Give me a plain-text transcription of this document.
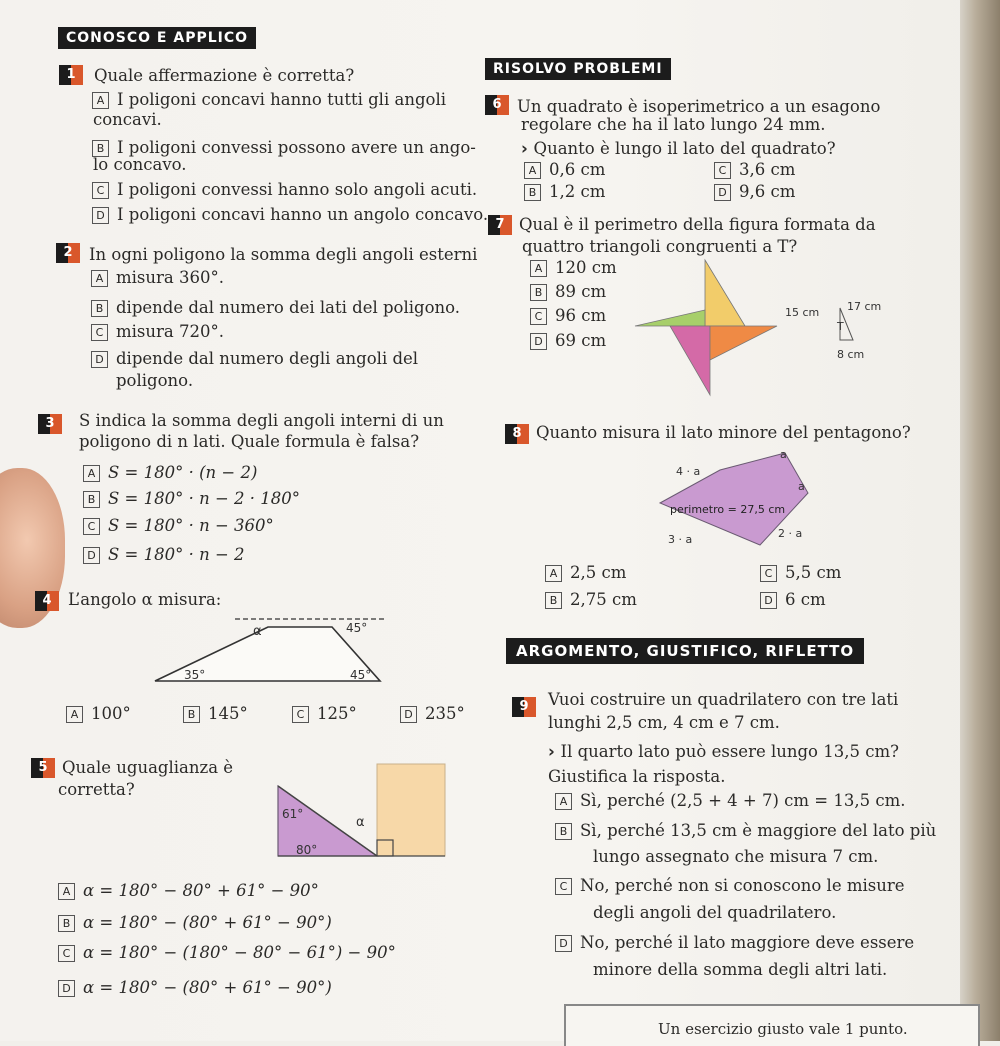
CONOSCO E APPLICO
RISOLVO PROBLEMI
ARGOMENTO, GIUSTIFICO, RIFLETTO
1	Quale affermazione è corretta?
A I poligoni concavi hanno tutti gli angoli
concavi.
B I poligoni convessi possono avere un ango-
lo concavo.
C I poligoni convessi hanno solo angoli acuti.
D I poligoni concavi hanno un angolo concavo.
2 In ogni poligono la somma degli angoli esterni
A misura 360°.
B dipende dal numero dei lati del poligono.
C misura 720°.
D dipende dal numero degli angoli del
poligono.
3	S indica la somma degli angoli interni di un
poligono di n lati. Quale formula è falsa?
A S = 180° · (n − 2)
B S = 180° · n − 2 · 180°
C S = 180° · n − 360°
D S = 180° · n − 2
4 L’angolo α misura:
α	45°
35°	45°
A 100°	B 145°	C 125°	D 235°
5 Quale uguaglianza è
corretta?
61°
80°
α
A α = 180° − 80° + 61° − 90°
B α = 180° − (80° + 61° − 90°)
C α = 180° − (180° − 80° − 61°) − 90°
D α = 180° − (80° + 61° − 90°)
6 Un quadrato è isoperimetrico a un esagono
regolare che ha il lato lungo 24 mm.
› Quanto è lungo il lato del quadrato?
A 0,6 cm
B 1,2 cm
C 3,6 cm
D 9,6 cm
7 Qual è il perimetro della figura formata da
quattro triangoli congruenti a T?
A 120 cm
B 89 cm
C 96 cm
D 69 cm
15 cm	17 cm
T
8 cm
8 Quanto misura il lato minore del pentagono?
a
a
4 · a
perimetro = 27,5 cm
3 · a	2 · a
A 2,5 cm
B 2,75 cm
C 5,5 cm
D 6 cm
9	Vuoi costruire un quadrilatero con tre lati
lunghi 2,5 cm, 4 cm e 7 cm.
› Il quarto lato può essere lungo 13,5 cm?
Giustifica la risposta.
A Sì, perché (2,5 + 4 + 7) cm = 13,5 cm.
B Sì, perché 13,5 cm è maggiore del lato più
lungo assegnato che misura 7 cm.
C No, perché non si conoscono le misure
degli angoli del quadrilatero.
D No, perché il lato maggiore deve essere
minore della somma degli altri lati.
Un esercizio giusto vale 1 punto.
